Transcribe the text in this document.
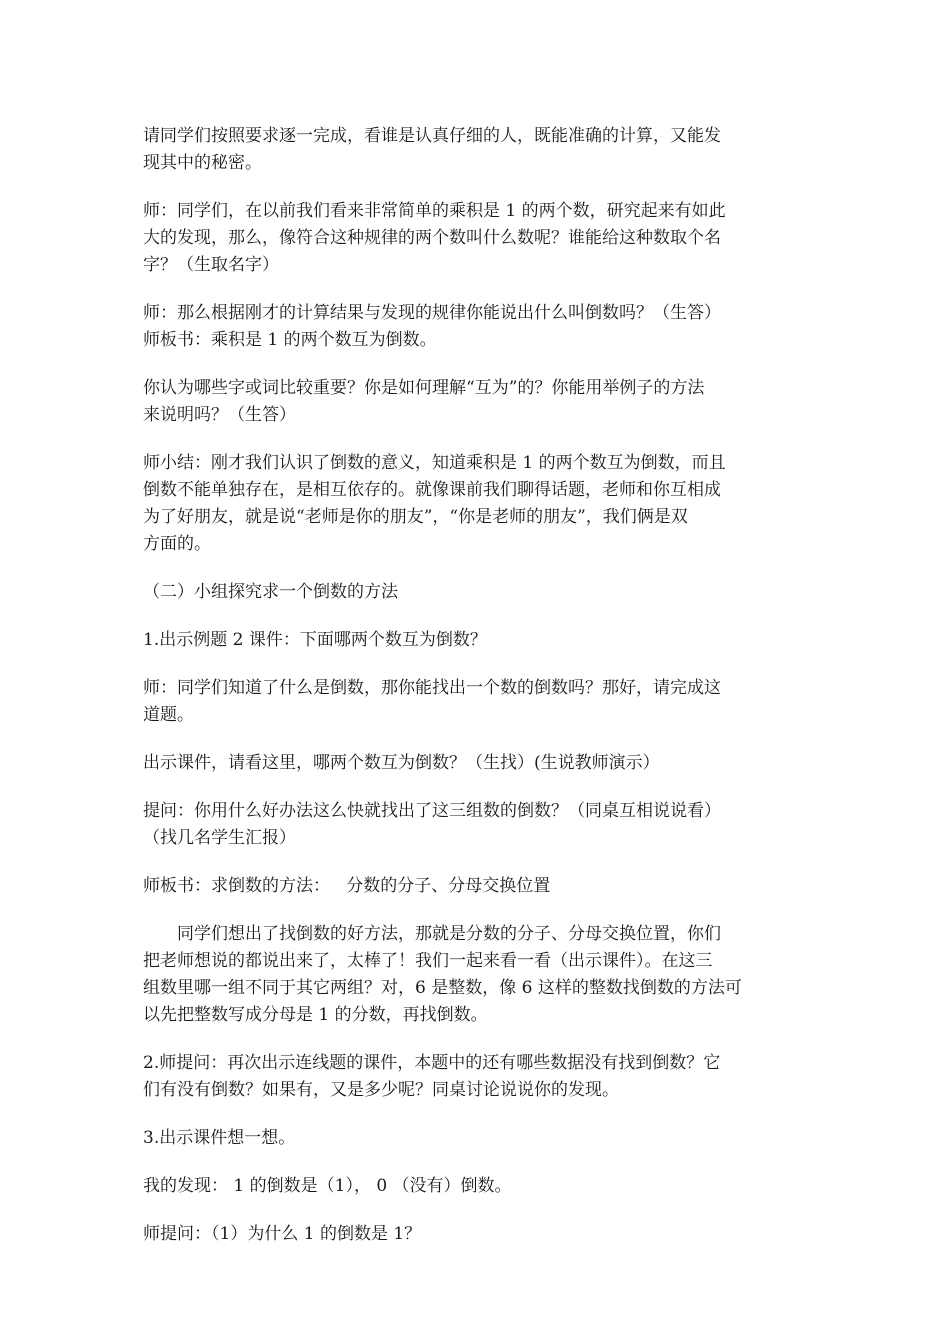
请同学们按照要求逐一完成，看谁是认真仔细的人，既能准确的计算，又能发
现其中的秘密。

师：同学们，在以前我们看来非常简单的乘积是 1 的两个数，研究起来有如此
大的发现，那么，像符合这种规律的两个数叫什么数呢？谁能给这种数取个名
字？（生取名字）

师：那么根据刚才的计算结果与发现的规律你能说出什么叫倒数吗？（生答）
师板书：乘积是 1 的两个数互为倒数。

你认为哪些字或词比较重要？你是如何理解“互为”的？你能用举例子的方法
来说明吗？（生答）

师小结：刚才我们认识了倒数的意义，知道乘积是 1 的两个数互为倒数，而且
倒数不能单独存在，是相互依存的。就像课前我们聊得话题，老师和你互相成
为了好朋友，就是说“老师是你的朋友”，“你是老师的朋友”，我们俩是双
方面的。

（二）小组探究求一个倒数的方法

1.出示例题 2 课件：下面哪两个数互为倒数？

师：同学们知道了什么是倒数，那你能找出一个数的倒数吗？那好，请完成这
道题。

出示课件，请看这里，哪两个数互为倒数？（生找）(生说教师演示）

提问：你用什么好办法这么快就找出了这三组数的倒数？（同桌互相说说看）
（找几名学生汇报）

师板书：求倒数的方法：   分数的分子、分母交换位置

同学们想出了找倒数的好方法，那就是分数的分子、分母交换位置，你们
把老师想说的都说出来了，太棒了！我们一起来看一看（出示课件）。在这三
组数里哪一组不同于其它两组？对，6 是整数，像 6 这样的整数找倒数的方法可
以先把整数写成分母是 1 的分数，再找倒数。

2.师提问：再次出示连线题的课件，本题中的还有哪些数据没有找到倒数？它
们有没有倒数？如果有，又是多少呢？同桌讨论说说你的发现。

3.出示课件想一想。

我的发现： 1 的倒数是（1）， 0 （没有）倒数。

师提问：（1）为什么 1 的倒数是 1？
